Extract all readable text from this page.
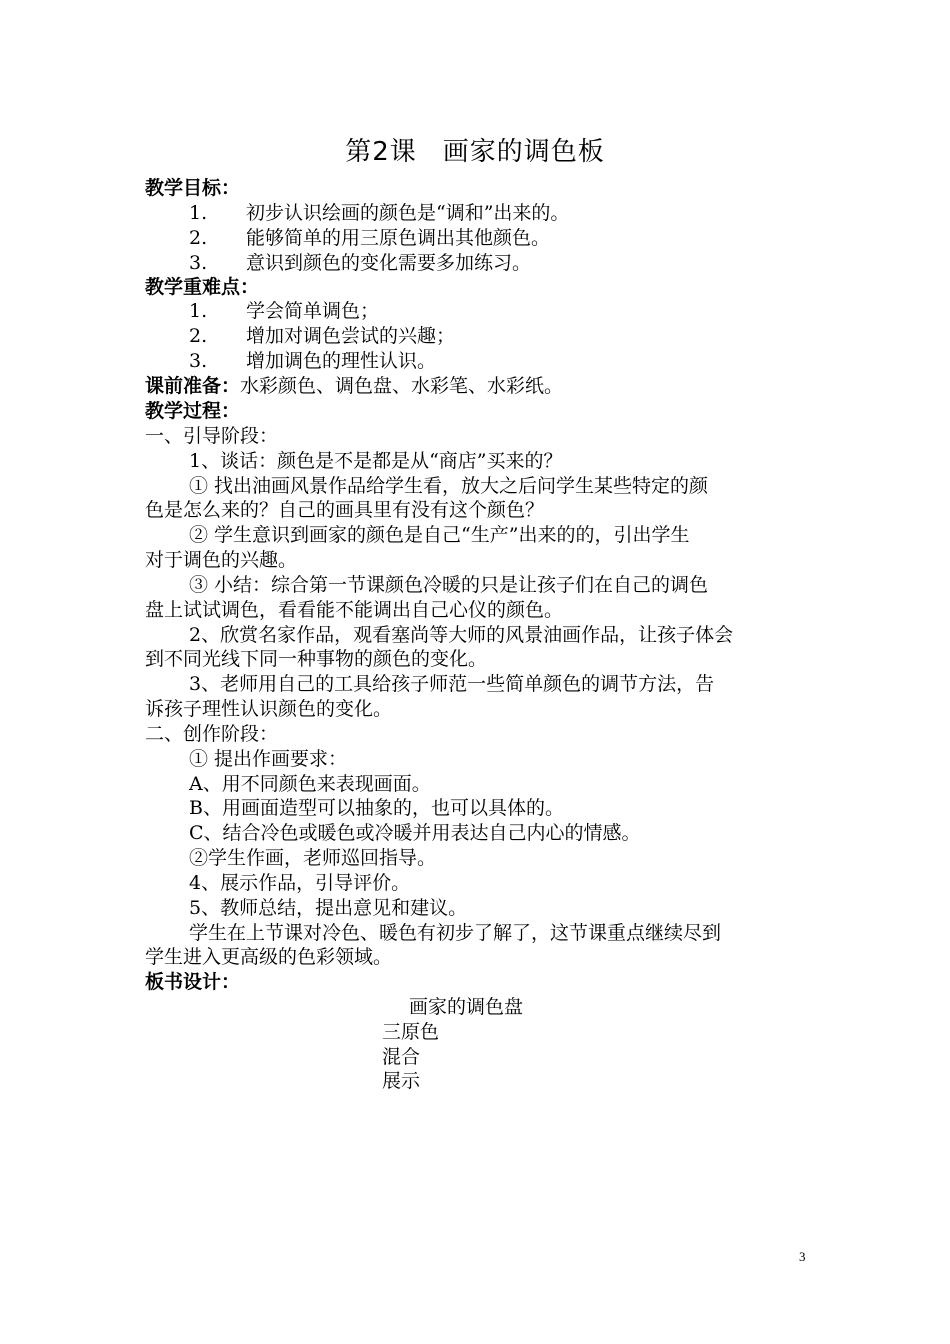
第2课 画家的调色板
教学目标：
1. 初步认识绘画的颜色是“调和”出来的。
2. 能够简单的用三原色调出其他颜色。
3. 意识到颜色的变化需要多加练习。
教学重难点：
1. 学会简单调色；
2. 增加对调色尝试的兴趣；
3. 增加调色的理性认识。
课前准备：水彩颜色、调色盘、水彩笔、水彩纸。
教学过程：
一、引导阶段：
1、谈话：颜色是不是都是从“商店”买来的？
① 找出油画风景作品给学生看，放大之后问学生某些特定的颜
色是怎么来的？自己的画具里有没有这个颜色？
② 学生意识到画家的颜色是自己“生产”出来的的，引出学生
对于调色的兴趣。
③ 小结：综合第一节课颜色冷暖的只是让孩子们在自己的调色
盘上试试调色，看看能不能调出自己心仪的颜色。
2、欣赏名家作品，观看塞尚等大师的风景油画作品，让孩子体会
到不同光线下同一种事物的颜色的变化。
3、老师用自己的工具给孩子师范一些简单颜色的调节方法，告
诉孩子理性认识颜色的变化。
二、创作阶段：
① 提出作画要求：
A、用不同颜色来表现画面。
B、用画面造型可以抽象的，也可以具体的。
C、结合冷色或暖色或冷暖并用表达自己内心的情感。
②学生作画，老师巡回指导。
4、展示作品，引导评价。
5、教师总结，提出意见和建议。
学生在上节课对冷色、暖色有初步了解了，这节课重点继续尽到
学生进入更高级的色彩领域。
板书设计：
画家的调色盘
三原色
混合
展示
3
